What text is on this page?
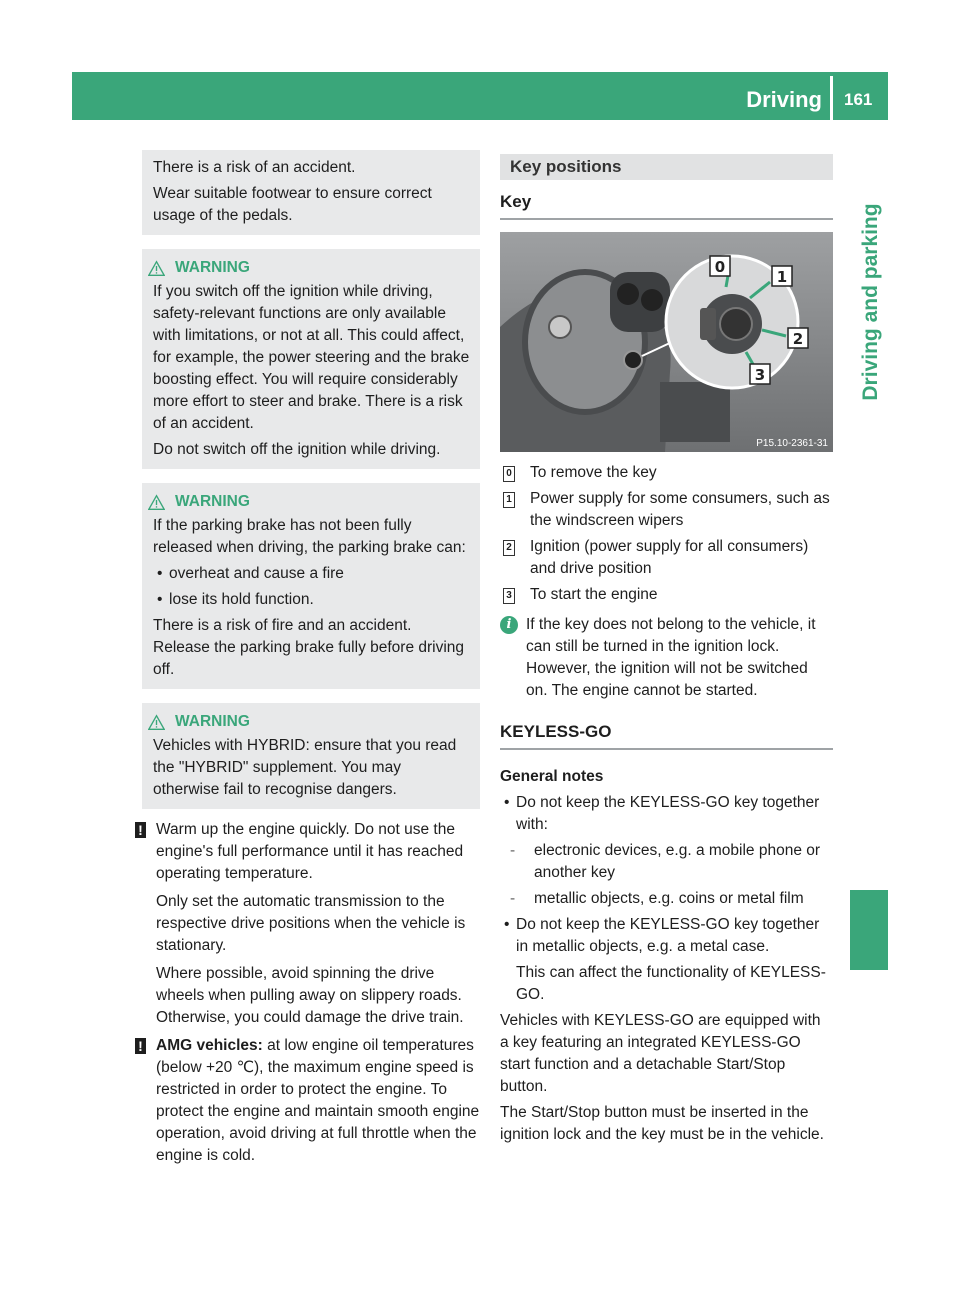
Driving 161
Driving and parking

There is a risk of an accident.

Wear suitable footwear to ensure correct usage of the pedals.

WARNING

If you switch off the ignition while driving, safety-relevant functions are only available with limitations, or not at all. This could affect, for example, the power steering and the brake boosting effect. You will require considerably more effort to steer and brake. There is a risk of an accident.

Do not switch off the ignition while driving.

WARNING

If the parking brake has not been fully released when driving, the parking brake can:

• overheat and cause a fire

• lose its hold function.

There is a risk of fire and an accident. Release the parking brake fully before driving off.

WARNING

Vehicles with HYBRID: ensure that you read the "HYBRID" supplement. You may otherwise fail to recognise dangers.

! Warm up the engine quickly. Do not use the engine's full performance until it has reached operating temperature.

Only set the automatic transmission to the respective drive positions when the vehicle is stationary.

Where possible, avoid spinning the drive wheels when pulling away on slippery roads. Otherwise, you could damage the drive train.

! AMG vehicles: at low engine oil temperatures (below +20 ℃), the maximum engine speed is restricted in order to protect the engine. To protect the engine and maintain smooth engine operation, avoid driving at full throttle when the engine is cold.

Key positions
Key
0
1
2
3
P15.10-2361-31
0 To remove the key
1 Power supply for some consumers, such as the windscreen wipers
2 Ignition (power supply for all consumers) and drive position
3 To start the engine
i If the key does not belong to the vehicle, it can still be turned in the ignition lock. However, the ignition will not be switched on. The engine cannot be started.
KEYLESS-GO
General notes

• Do not keep the KEYLESS-GO key together with:

- electronic devices, e.g. a mobile phone or another key

- metallic objects, e.g. coins or metal film

• Do not keep the KEYLESS-GO key together in metallic objects, e.g. a metal case.

This can affect the functionality of KEYLESS-GO.

Vehicles with KEYLESS-GO are equipped with a key featuring an integrated KEYLESS-GO start function and a detachable Start/Stop button.

The Start/Stop button must be inserted in the ignition lock and the key must be in the vehicle.
